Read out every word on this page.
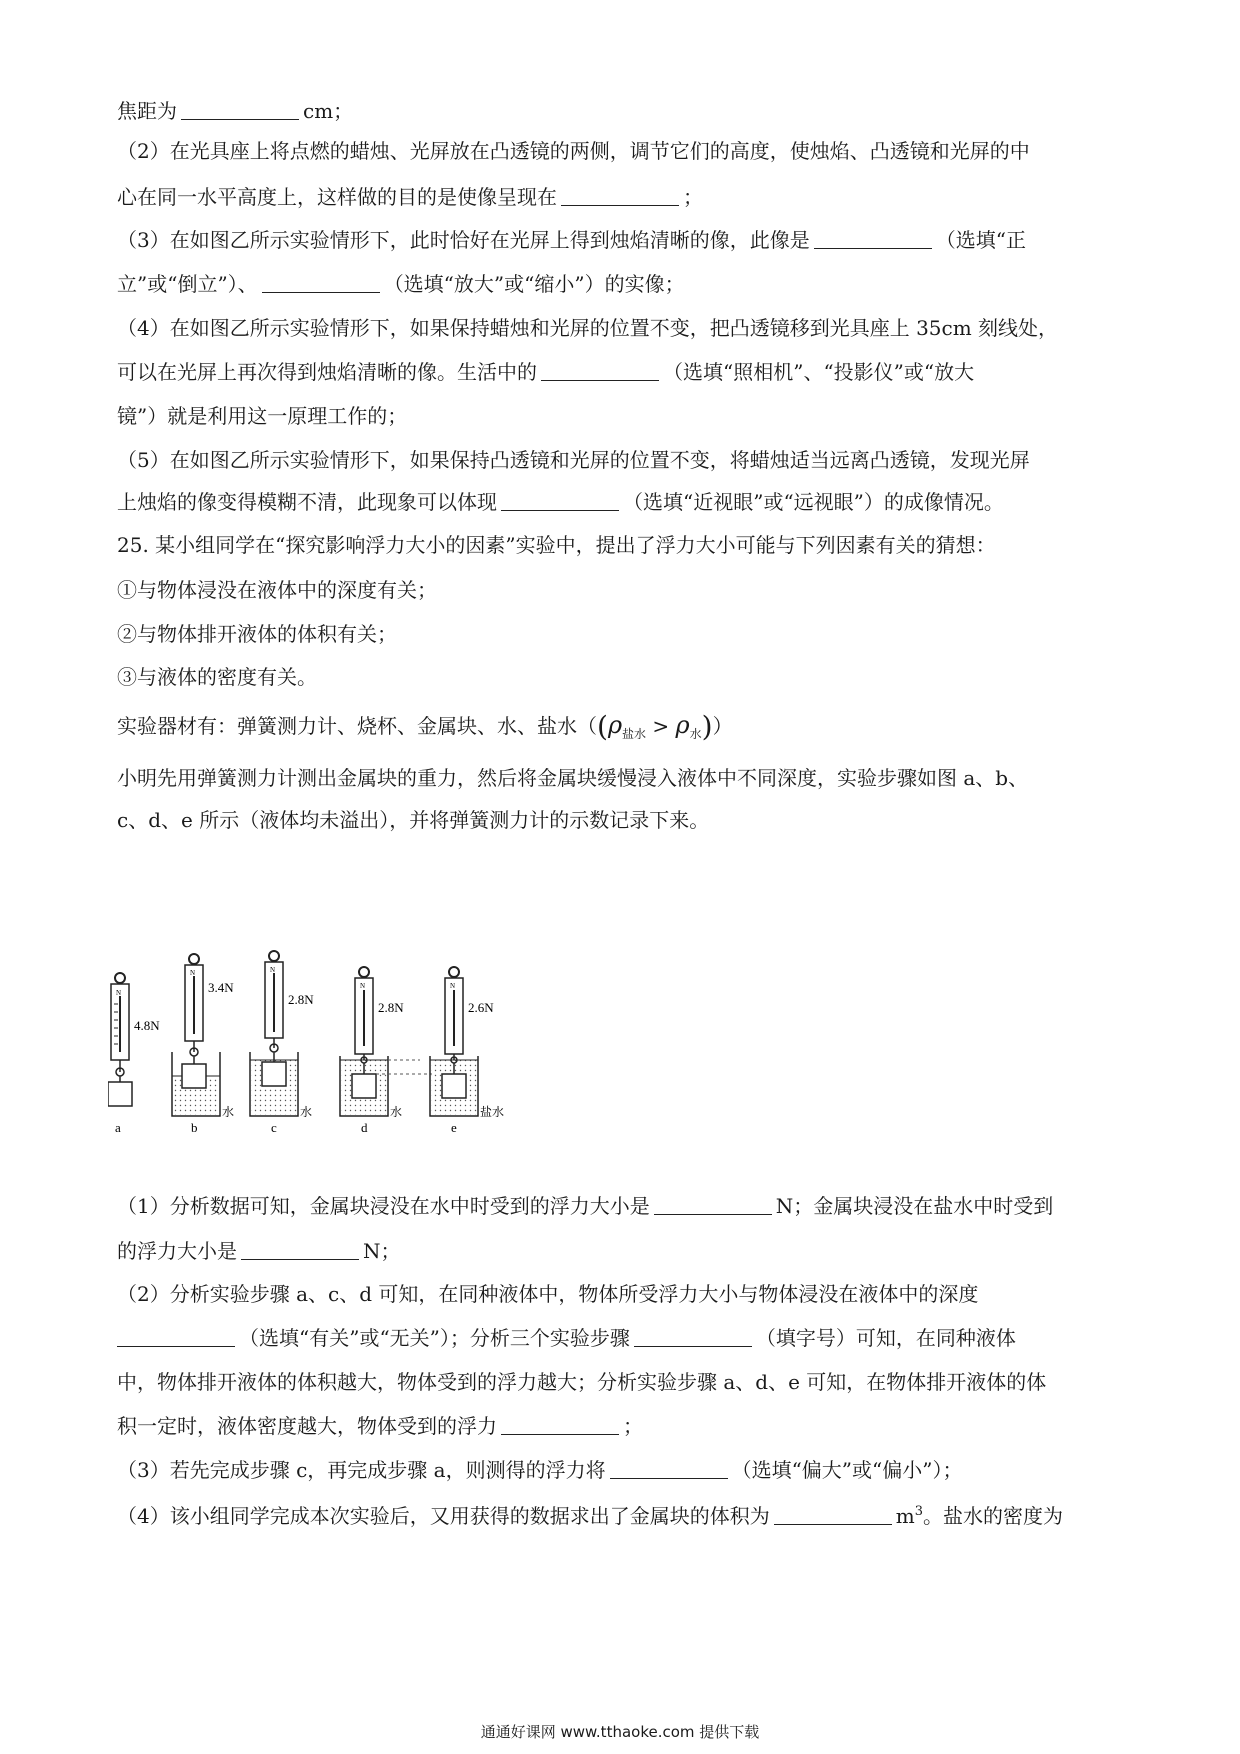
焦距为	cm；
（2）在光具座上将点燃的蜡烛、光屏放在凸透镜的两侧，调节它们的高度，使烛焰、凸透镜和光屏的中
心在同一水平高度上，这样做的目的是使像呈现在	；
（3）在如图乙所示实验情形下，此时恰好在光屏上得到烛焰清晰的像，此像是	（选填“正
立”或“倒立”）、	（选填“放大”或“缩小”）的实像；
（4）在如图乙所示实验情形下，如果保持蜡烛和光屏的位置不变，把凸透镜移到光具座上 35cm 刻线处，
可以在光屏上再次得到烛焰清晰的像。生活中的	（选填“照相机”、“投影仪”或“放大
镜”）就是利用这一原理工作的；
（5）在如图乙所示实验情形下，如果保持凸透镜和光屏的位置不变，将蜡烛适当远离凸透镜，发现光屏
上烛焰的像变得模糊不清，此现象可以体现	（选填“近视眼”或“远视眼”）的成像情况。
25. 某小组同学在“探究影响浮力大小的因素”实验中，提出了浮力大小可能与下列因素有关的猜想：
①与物体浸没在液体中的深度有关；
②与物体排开液体的体积有关；
③与液体的密度有关。
实验器材有：弹簧测力计、烧杯、金属块、水、盐水$((\rho_{盐水} > \rho_水))$
小明先用弹簧测力计测出金属块的重力，然后将金属块缓慢浸入液体中不同深度，实验步骤如图 a、b、
c、d、e 所示（液体均未溢出），并将弹簧测力计的示数记录下来。
N
4.8N
a
N
3.4N
水
b
N
2.8N
水
c
N
2.8N
水
d
N
2.6N
盐水
e
（1）分析数据可知，金属块浸没在水中时受到的浮力大小是	N；金属块浸没在盐水中时受到
的浮力大小是	N；
（2）分析实验步骤 a、c、d 可知，在同种液体中，物体所受浮力大小与物体浸没在液体中的深度
（选填“有关”或“无关”）；分析三个实验步骤	（填字号）可知，在同种液体
中，物体排开液体的体积越大，物体受到的浮力越大；分析实验步骤 a、d、e 可知，在物体排开液体的体
积一定时，液体密度越大，物体受到的浮力	；
（3）若先完成步骤 c，再完成步骤 a，则测得的浮力将	（选填“偏大”或“偏小”）；
（4）该小组同学完成本次实验后，又用获得的数据求出了金属块的体积为	$m^3$。盐水的密度为
通通好课网 www.tthaoke.com 提供下载
